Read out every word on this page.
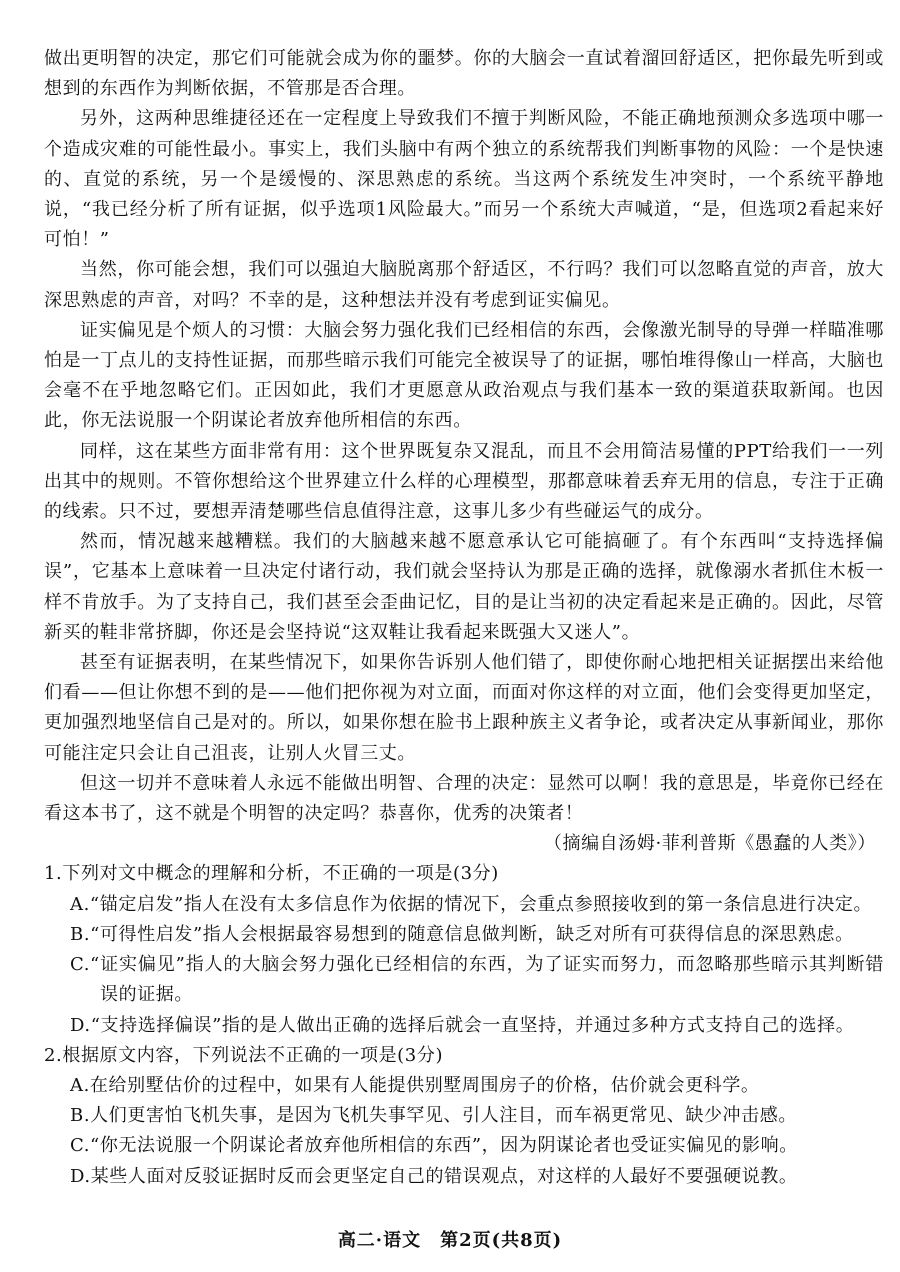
做出更明智的决定，那它们可能就会成为你的噩梦。你的大脑会一直试着溜回舒适区，把你最先听到或想到的东西作为判断依据，不管那是否合理。

另外，这两种思维捷径还在一定程度上导致我们不擅于判断风险，不能正确地预测众多选项中哪一个造成灾难的可能性最小。事实上，我们头脑中有两个独立的系统帮我们判断事物的风险：一个是快速的、直觉的系统，另一个是缓慢的、深思熟虑的系统。当这两个系统发生冲突时，一个系统平静地说，“我已经分析了所有证据，似乎选项1风险最大。”而另一个系统大声喊道，“是，但选项2看起来好可怕！”

当然，你可能会想，我们可以强迫大脑脱离那个舒适区，不行吗？我们可以忽略直觉的声音，放大深思熟虑的声音，对吗？不幸的是，这种想法并没有考虑到证实偏见。

证实偏见是个烦人的习惯：大脑会努力强化我们已经相信的东西，会像激光制导的导弹一样瞄准哪怕是一丁点儿的支持性证据，而那些暗示我们可能完全被误导了的证据，哪怕堆得像山一样高，大脑也会毫不在乎地忽略它们。正因如此，我们才更愿意从政治观点与我们基本一致的渠道获取新闻。也因此，你无法说服一个阴谋论者放弃他所相信的东西。

同样，这在某些方面非常有用：这个世界既复杂又混乱，而且不会用简洁易懂的PPT给我们一一列出其中的规则。不管你想给这个世界建立什么样的心理模型，那都意味着丢弃无用的信息，专注于正确的线索。只不过，要想弄清楚哪些信息值得注意，这事儿多少有些碰运气的成分。

然而，情况越来越糟糕。我们的大脑越来越不愿意承认它可能搞砸了。有个东西叫“支持选择偏误”，它基本上意味着一旦决定付诸行动，我们就会坚持认为那是正确的选择，就像溺水者抓住木板一样不肯放手。为了支持自己，我们甚至会歪曲记忆，目的是让当初的决定看起来是正确的。因此，尽管新买的鞋非常挤脚，你还是会坚持说“这双鞋让我看起来既强大又迷人”。

甚至有证据表明，在某些情况下，如果你告诉别人他们错了，即使你耐心地把相关证据摆出来给他们看——但让你想不到的是——他们把你视为对立面，而面对你这样的对立面，他们会变得更加坚定，更加强烈地坚信自己是对的。所以，如果你想在脸书上跟种族主义者争论，或者决定从事新闻业，那你可能注定只会让自己沮丧，让别人火冒三丈。

但这一切并不意味着人永远不能做出明智、合理的决定：显然可以啊！我的意思是，毕竟你已经在看这本书了，这不就是个明智的决定吗？恭喜你，优秀的决策者！

（摘编自汤姆·菲利普斯《愚蠢的人类》）

1.下列对文中概念的理解和分析，不正确的一项是(3分)

A.“锚定启发”指人在没有太多信息作为依据的情况下，会重点参照接收到的第一条信息进行决定。

B.“可得性启发”指人会根据最容易想到的随意信息做判断，缺乏对所有可获得信息的深思熟虑。

C.“证实偏见”指人的大脑会努力强化已经相信的东西，为了证实而努力，而忽略那些暗示其判断错误的证据。

D.“支持选择偏误”指的是人做出正确的选择后就会一直坚持，并通过多种方式支持自己的选择。

2.根据原文内容，下列说法不正确的一项是(3分)

A.在给别墅估价的过程中，如果有人能提供别墅周围房子的价格，估价就会更科学。

B.人们更害怕飞机失事，是因为飞机失事罕见、引人注目，而车祸更常见、缺少冲击感。

C.“你无法说服一个阴谋论者放弃他所相信的东西”，因为阴谋论者也受证实偏见的影响。

D.某些人面对反驳证据时反而会更坚定自己的错误观点，对这样的人最好不要强硬说教。

高二·语文　第2页(共8页)
